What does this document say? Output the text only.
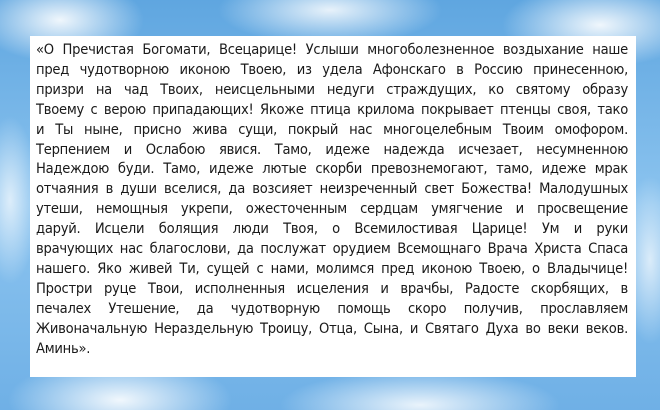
«О Пречистая Богомати, Всецарице! Услыши многоболезненное воздыхание наше
пред чудотворною иконою Твоею, из удела Афонскаго в Россию принесенною,
призри на чад Твоих, неисцельными недуги страждущих, ко святому образу
Твоему с верою припадающих! Якоже птица крилома покрывает птенцы своя, тако
и Ты ныне, присно жива сущи, покрый нас многоцелебным Твоим омофором.
Терпением и Ослабою явися. Тамо, идеже надежда исчезает, несумненною
Надеждою буди. Тамо, идеже лютые скорби превознемогают, тамо, идеже мрак
отчаяния в души вселися, да возсияет неизреченный свет Божества! Малодушных
утеши, немощныя укрепи, ожесточенным сердцам умягчение и просвещение
даруй. Исцели болящия люди Твоя, о Всемилостивая Царице! Ум и руки
врачующих нас благослови, да послужат орудием Всемощнаго Врача Христа Спаса
нашего. Яко живей Ти, сущей с нами, молимся пред иконою Твоею, о Владычице!
Простри руце Твои, исполненныя исцеления и врачбы, Радосте скорбящих, в
печалех Утешение, да чудотворную помощь скоро получив, прославляем
Живоначальную Нераздельную Троицу, Отца, Сына, и Святаго Духа во веки веков.
Аминь».
